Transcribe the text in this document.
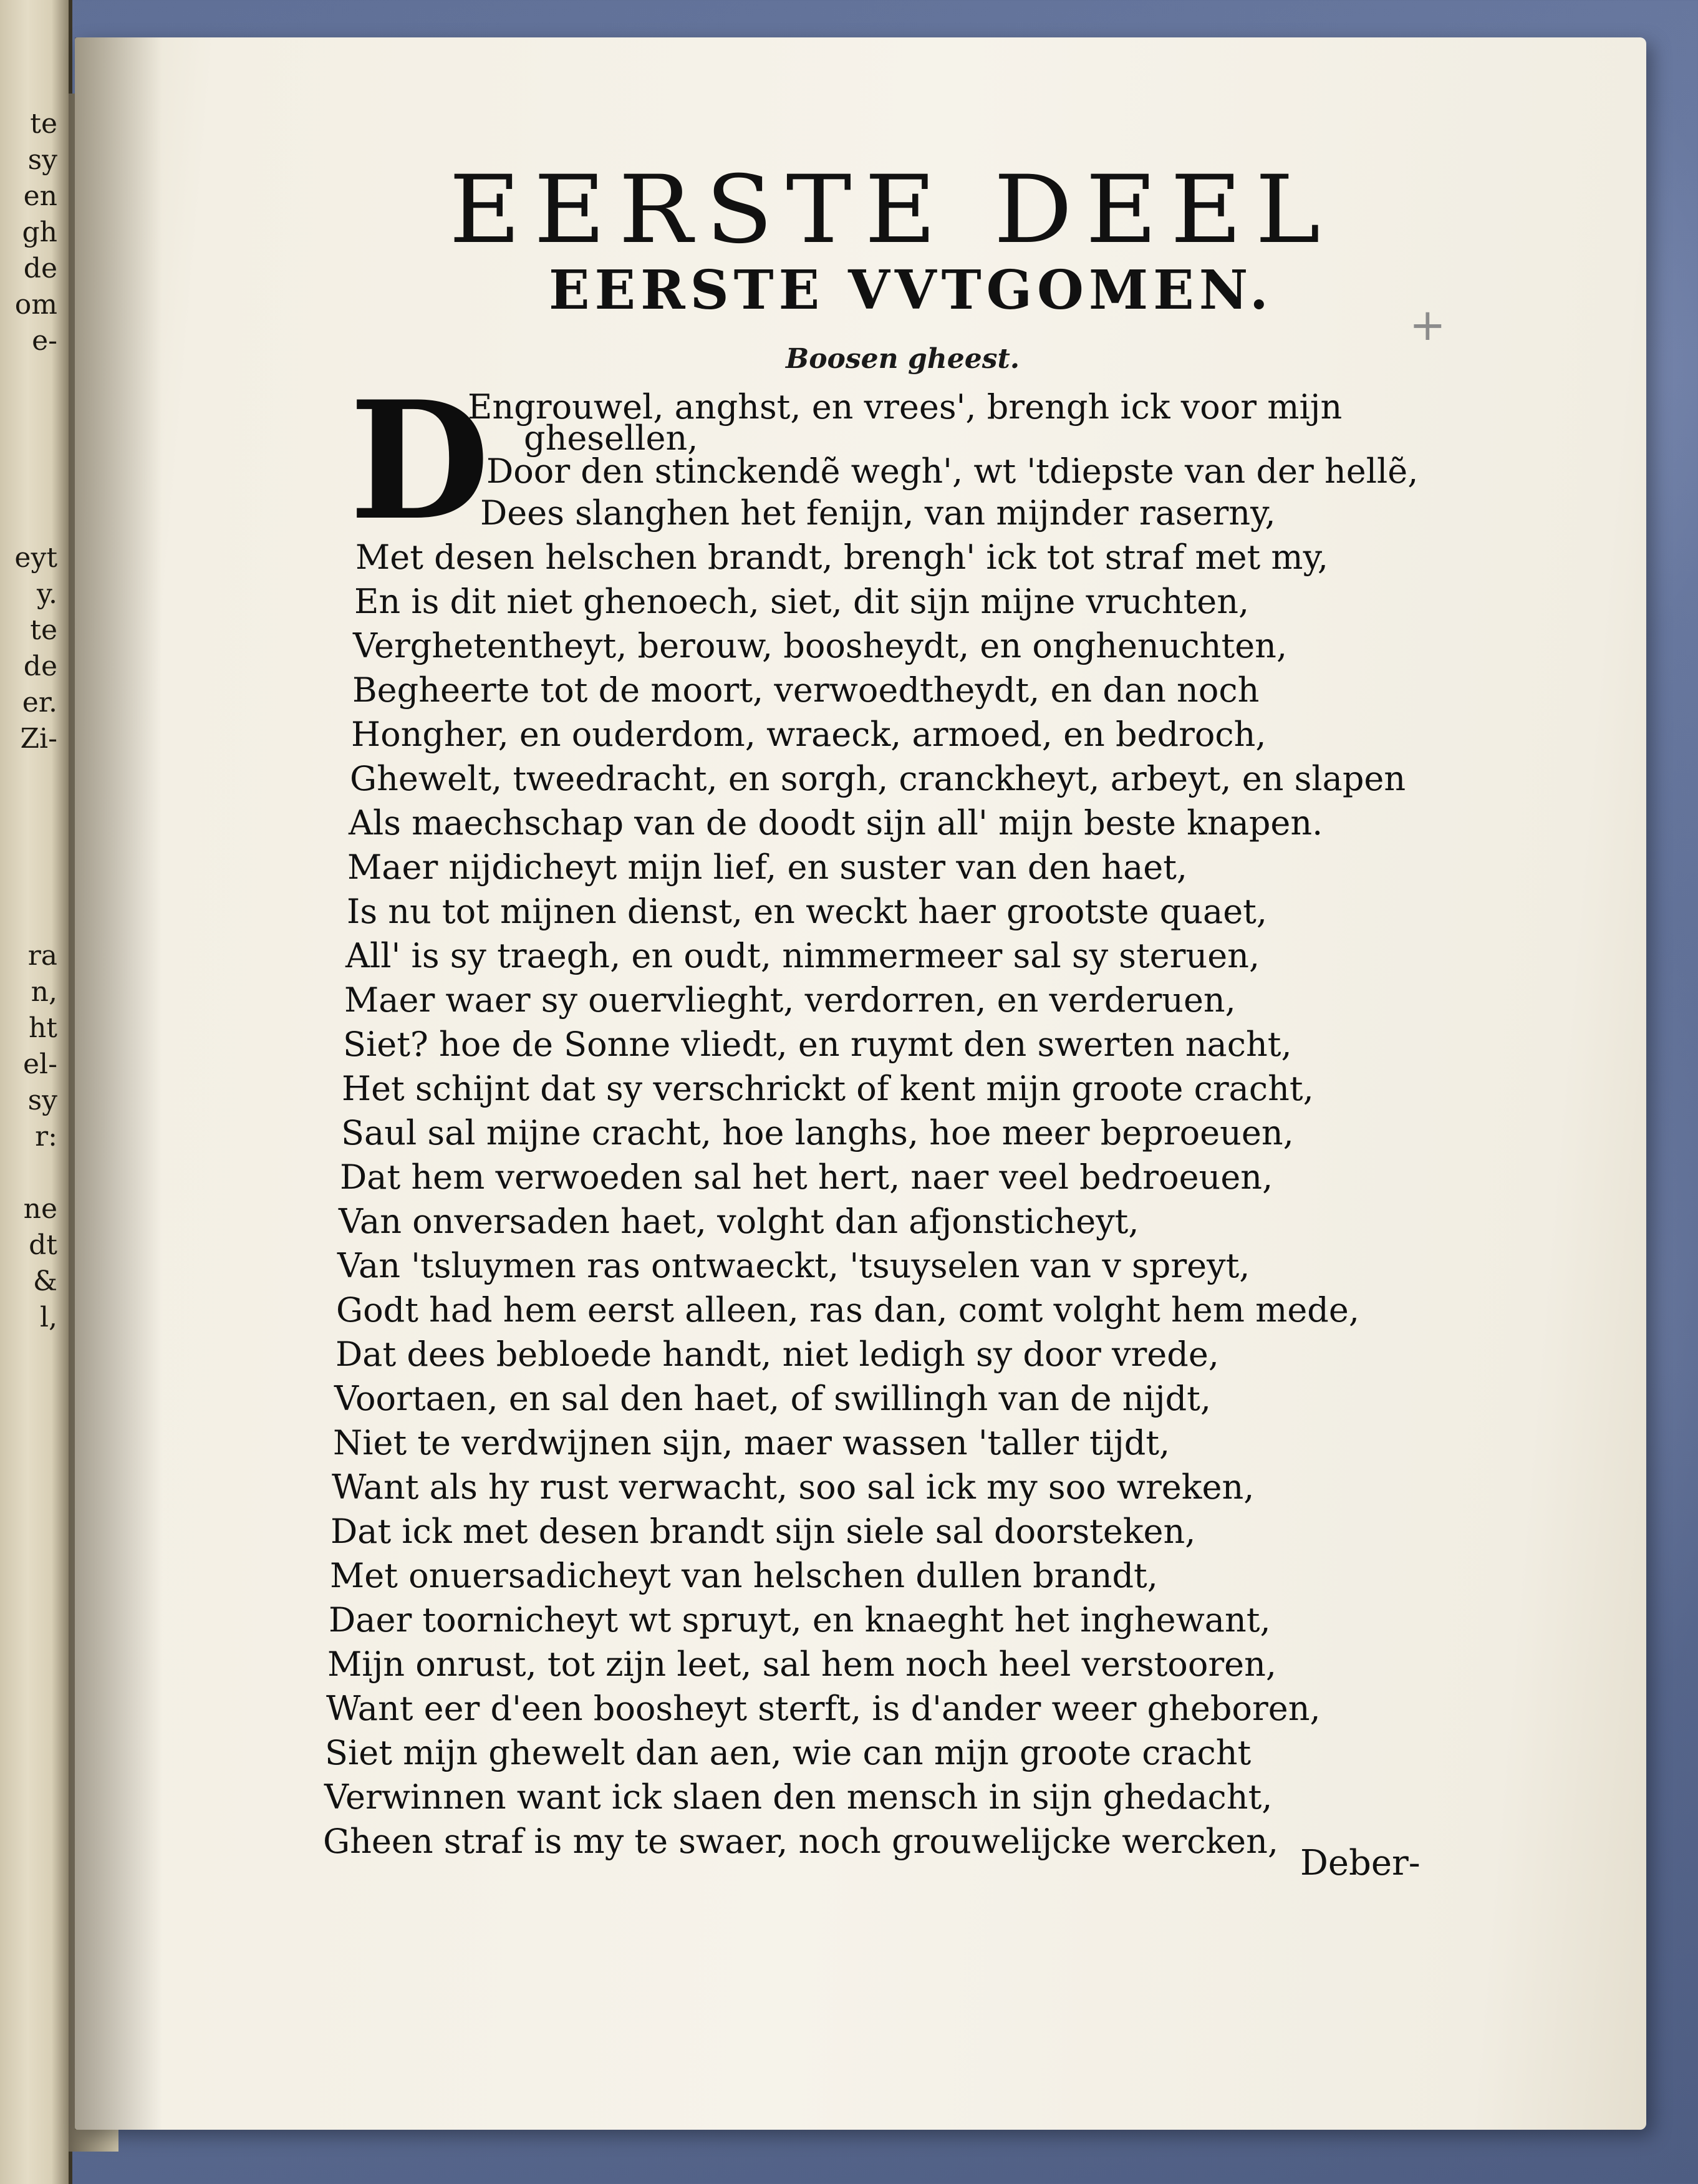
te
sy
en
gh
de
om
e-
eyt
y.
te
de
er.
Zi-
ra
n,
ht
el-
sy
r:
ne
dt
&
l,
EERSTE DEEL
EERSTE VVTGOMEN.
Boosen gheest.
+
D
Engrouwel, anghst, en vrees', brengh ick voor mijn
ghesellen,
Door den stinckendẽ wegh', wt 'tdiepste van der hellẽ,
Dees slanghen het fenijn, van mijnder raserny,
Met desen helschen brandt, brengh' ick tot straf met my,
En is dit niet ghenoech, siet, dit sijn mijne vruchten,
Verghetentheyt, berouw, boosheydt, en onghenuchten,
Begheerte tot de moort, verwoedtheydt, en dan noch
Hongher, en ouderdom, wraeck, armoed, en bedroch,
Ghewelt, tweedracht, en sorgh, cranckheyt, arbeyt, en slapen
Als maechschap van de doodt sijn all' mijn beste knapen.
Maer nijdicheyt mijn lief, en suster van den haet,
Is nu tot mijnen dienst, en weckt haer grootste quaet,
All' is sy traegh, en oudt, nimmermeer sal sy steruen,
Maer waer sy ouervlieght, verdorren, en verderuen,
Siet? hoe de Sonne vliedt, en ruymt den swerten nacht,
Het schijnt dat sy verschrickt of kent mijn groote cracht,
Saul sal mijne cracht, hoe langhs, hoe meer beproeuen,
Dat hem verwoeden sal het hert, naer veel bedroeuen,
Van onversaden haet, volght dan afjonsticheyt,
Van 'tsluymen ras ontwaeckt, 'tsuyselen van v spreyt,
Godt had hem eerst alleen, ras dan, comt volght hem mede,
Dat dees bebloede handt, niet ledigh sy door vrede,
Voortaen, en sal den haet, of swillingh van de nijdt,
Niet te verdwijnen sijn, maer wassen 'taller tijdt,
Want als hy rust verwacht, soo sal ick my soo wreken,
Dat ick met desen brandt sijn siele sal doorsteken,
Met onuersadicheyt van helschen dullen brandt,
Daer toornicheyt wt spruyt, en knaeght het inghewant,
Mijn onrust, tot zijn leet, sal hem noch heel verstooren,
Want eer d'een boosheyt sterft, is d'ander weer gheboren,
Siet mijn ghewelt dan aen, wie can mijn groote cracht
Verwinnen want ick slaen den mensch in sijn ghedacht,
Gheen straf is my te swaer, noch grouwelijcke wercken,
Deber-
